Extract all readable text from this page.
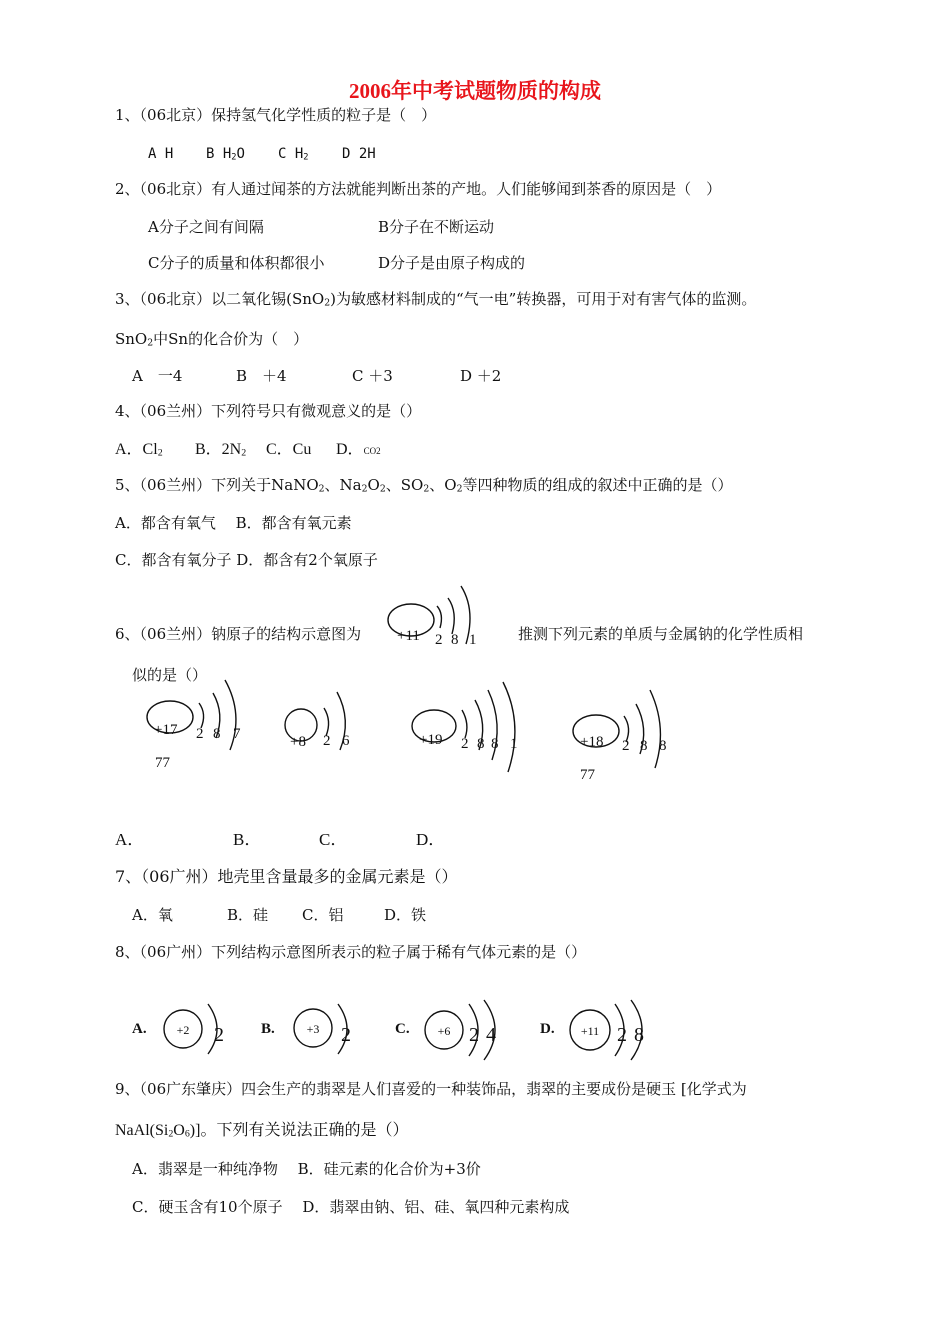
2006年中考试题物质的构成
1、（06北京）保持氢气化学性质的粒子是（　）
A H B $H_2O$ C $H_2$ D 2H
2、（06北京）有人通过闻茶的方法就能判断出茶的产地。人们能够闻到茶香的原因是（　）
A分子之间有间隔	B分子在不断运动
C分子的质量和体积都很小	D分子是由原子构成的
3、（06北京）以二氧化锡(SnO$_2$)为敏感材料制成的“气一电”转换器，可用于对有害气体的监测。
SnO$_2$中Sn的化合价为（　）
A　一4	B　＋4	C ＋3	D ＋2
4、（06兰州）下列符号只有微观意义的是（）
A．$Cl_2$ B．$2N_2$ C．Cu D．CO2
5、（06兰州）下列关于NaNO$_2$、$Na_2O_2$、$SO_2$、$O_2$等四种物质的组成的叙述中正确的是（）
A．都含有氧气　 B．都含有氧元素
C．都含有氧分子 D．都含有2个氧原子
6、（06兰州）钠原子的结构示意图为	推测下列元素的单质与金属钠的化学性质相
似的是（）
+11 2 8 1
+17 2 8 7
77
+8 2 6	+19 2 8 8 1	+18 2 8 8
77
A.	+2 2 B.	+3 2	C. +6 2 4	D. +11 2 8
A．	B．	C．	D．
7、（06广州）地壳里含量最多的金属元素是（）
A．氧	B．硅 C．铝	D．铁
8、（06广州）下列结构示意图所表示的粒子属于稀有气体元素的是（）
9、（06广东肇庆）四会生产的翡翠是人们喜爱的一种装饰品，翡翠的主要成份是硬玉 [化学式为
$NaAl(Si_2O_6)$]。下列有关说法正确的是（）
A．翡翠是一种纯净物　 B．硅元素的化合价为+3价
C．硬玉含有10个原子　 D．翡翠由钠、铝、硅、氧四种元素构成
